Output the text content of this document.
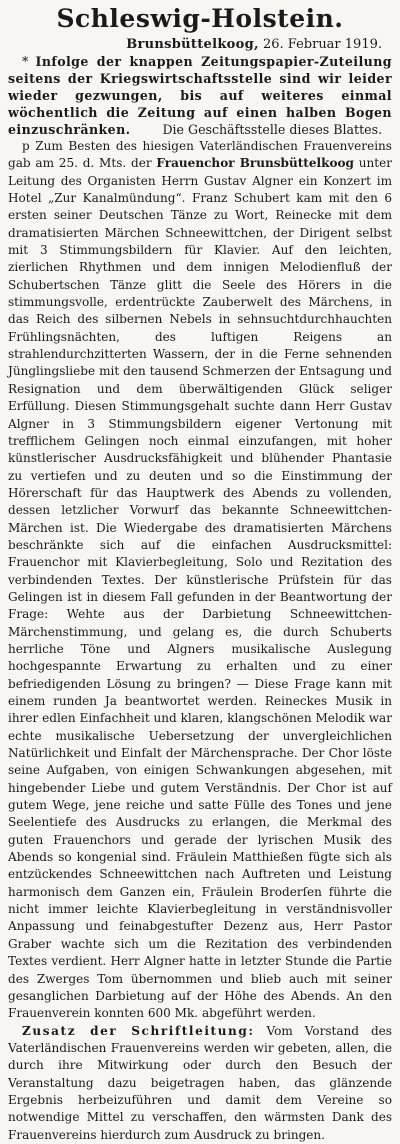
Schleswig-Holstein.
Brunsbüttelkoog, 26. Februar 1919.

* Infolge der knappen Zeitungspapier-Zuteilung seitens der Kriegswirtschaftsstelle sind wir leider wieder gezwungen, bis auf weiteres einmal wöchentlich die Zeitung auf einen halben Bogen einzuschränken.	Die Geschäftsstelle dieses Blattes.

p Zum Besten des hiesigen Vaterländischen Frauenvereins gab am 25. d. Mts. der Frauenchor Brunsbüttelkoog unter Leitung des Organisten Herrn Gustav Algner ein Konzert im Hotel „Zur Kanalmündung“. Franz Schubert kam mit den 6 ersten seiner Deutschen Tänze zu Wort, Reinecke mit dem dramatisierten Märchen Schneewittchen, der Dirigent selbst mit 3 Stimmungsbildern für Klavier. Auf den leichten, zierlichen Rhythmen und dem innigen Melodienfluß der Schubertschen Tänze glitt die Seele des Hörers in die stimmungsvolle, erdentrückte Zauberwelt des Märchens, in das Reich des silbernen Nebels in sehnsuchtdurchhauchten Frühlingsnächten, des luftigen Reigens an strahlendurchzitterten Wassern, der in die Ferne sehnenden Jünglingsliebe mit den tausend Schmerzen der Entsagung und Resignation und dem überwältigenden Glück seliger Erfüllung. Diesen Stimmungsgehalt suchte dann Herr Gustav Algner in 3 Stimmungsbildern eigener Vertonung mit trefflichem Gelingen noch einmal einzufangen, mit hoher künstlerischer Ausdrucksfähigkeit und blühender Phantasie zu vertiefen und zu deuten und so die Einstimmung der Hörerschaft für das Hauptwerk des Abends zu vollenden, dessen letzlicher Vorwurf das bekannte Schneewittchen-Märchen ist. Die Wiedergabe des dramatisierten Märchens beschränkte sich auf die einfachen Ausdrucksmittel: Frauenchor mit Klavierbegleitung, Solo und Rezitation des verbindenden Textes. Der künstlerische Prüfstein für das Gelingen ist in diesem Fall gefunden in der Beantwortung der Frage: Wehte aus der Darbietung Schneewittchen-Märchenstimmung, und gelang es, die durch Schuberts herrliche Töne und Algners musikalische Auslegung hochgespannte Erwartung zu erhalten und zu einer befriedigenden Lösung zu bringen? — Diese Frage kann mit einem runden Ja beantwortet werden. Reineckes Musik in ihrer edlen Einfachheit und klaren, klangschönen Melodik war echte musikalische Uebersetzung der unvergleichlichen Natürlichkeit und Einfalt der Märchensprache. Der Chor löste seine Aufgaben, von einigen Schwankungen abgesehen, mit hingebender Liebe und gutem Verständnis. Der Chor ist auf gutem Wege, jene reiche und satte Fülle des Tones und jene Seelentiefe des Ausdrucks zu erlangen, die Merkmal des guten Frauenchors und gerade der lyrischen Musik des Abends so kongenial sind. Fräulein Matthießen fügte sich als entzückendes Schneewittchen nach Auftreten und Leistung harmonisch dem Ganzen ein, Fräulein Broderſen führte die nicht immer leichte Klavierbegleitung in verständnisvoller Anpassung und feinabgestufter Dezenz aus, Herr Pastor Graber wachte sich um die Rezitation des verbindenden Textes verdient. Herr Algner hatte in letzter Stunde die Partie des Zwerges Tom übernommen und blieb auch mit seiner gesanglichen Darbietung auf der Höhe des Abends. An den Frauenverein konnten 600 Mk. abgeführt werden.

Zusatz der Schriftleitung: Vom Vorstand des Vaterländischen Frauenvereins werden wir gebeten, allen, die durch ihre Mitwirkung oder durch den Besuch der Veranstaltung dazu beigetragen haben, das glänzende Ergebnis herbeizuführen und damit dem Vereine so notwendige Mittel zu verschaffen, den wärmsten Dank des Frauenvereins hierdurch zum Ausdruck zu bringen.
